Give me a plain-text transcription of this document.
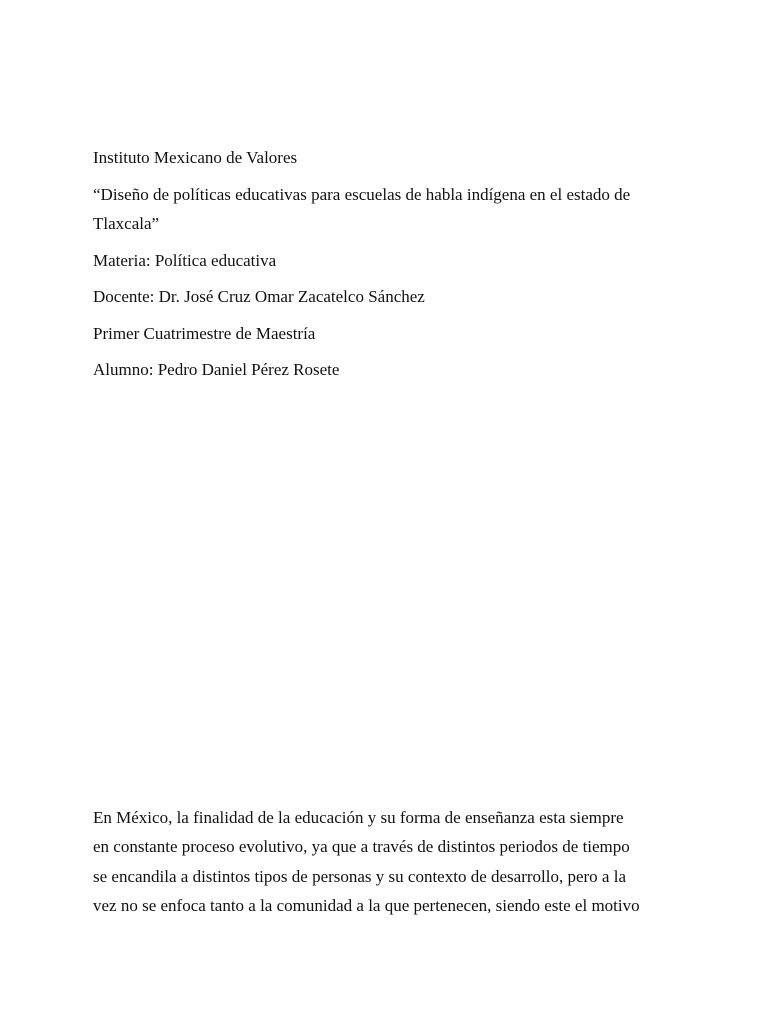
Instituto Mexicano de Valores

“Diseño de políticas educativas para escuelas de habla indígena en el estado de Tlaxcala”

Materia: Política educativa

Docente: Dr. José Cruz Omar Zacatelco Sánchez

Primer Cuatrimestre de Maestría

Alumno: Pedro Daniel Pérez Rosete

En México, la finalidad de la educación y su forma de enseñanza esta siempre
en constante proceso evolutivo, ya que a través de distintos periodos de tiempo
se encandila a distintos tipos de personas y su contexto de desarrollo, pero a la
vez no se enfoca tanto a la comunidad a la que pertenecen, siendo este el motivo
